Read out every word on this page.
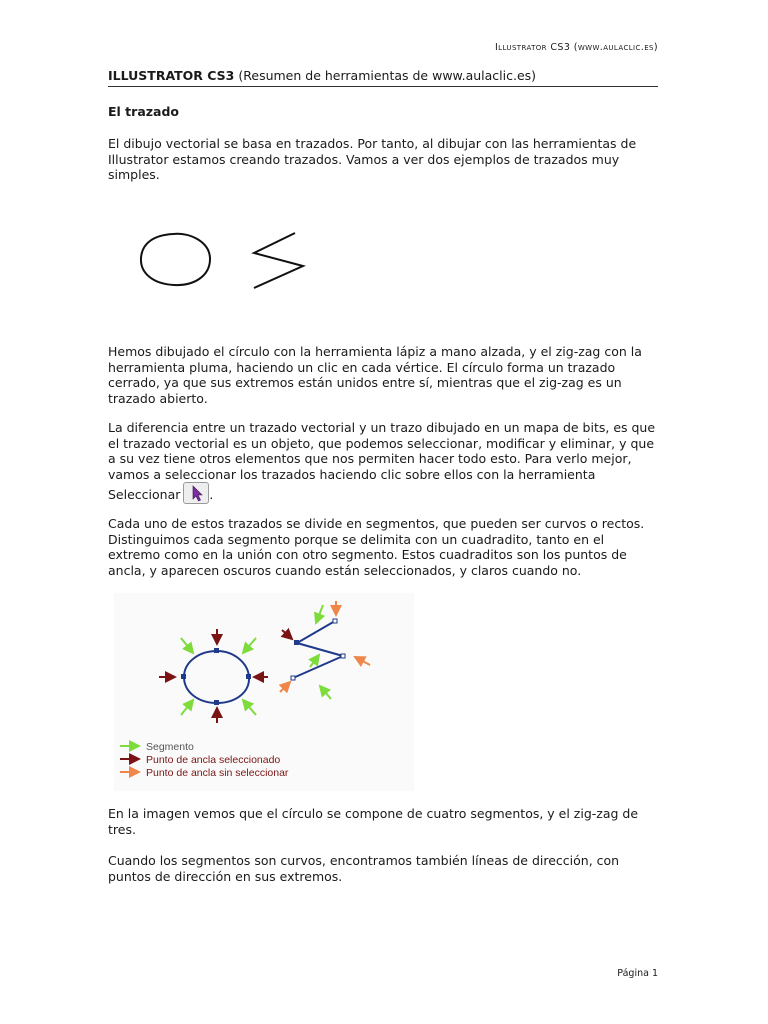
Illustrator CS3 (www.aulaclic.es)
ILLUSTRATOR CS3 (Resumen de herramientas de www.aulaclic.es)
El trazado

El dibujo vectorial se basa en trazados. Por tanto, al dibujar con las herramientas de Illustrator estamos creando trazados. Vamos a ver dos ejemplos de trazados muy simples.

Hemos dibujado el círculo con la herramienta lápiz a mano alzada, y el zig-zag con la herramienta pluma, haciendo un clic en cada vértice. El círculo forma un trazado cerrado, ya que sus extremos están unidos entre sí, mientras que el zig-zag es un trazado abierto.

La diferencia entre un trazado vectorial y un trazo dibujado en un mapa de bits, es que el trazado vectorial es un objeto, que podemos seleccionar, modificar y eliminar, y que a su vez tiene otros elementos que nos permiten hacer todo esto. Para verlo mejor, vamos a seleccionar los trazados haciendo clic sobre ellos con la herramienta Seleccionar .

Cada uno de estos trazados se divide en segmentos, que pueden ser curvos o rectos. Distinguimos cada segmento porque se delimita con un cuadradito, tanto en el extremo como en la unión con otro segmento. Estos cuadraditos son los puntos de ancla, y aparecen oscuros cuando están seleccionados, y claros cuando no.

Segmento
Punto de ancla seleccionado
Punto de ancla sin seleccionar

En la imagen vemos que el círculo se compone de cuatro segmentos, y el zig-zag de tres.

Cuando los segmentos son curvos, encontramos también líneas de dirección, con puntos de dirección en sus extremos.

Página 1
